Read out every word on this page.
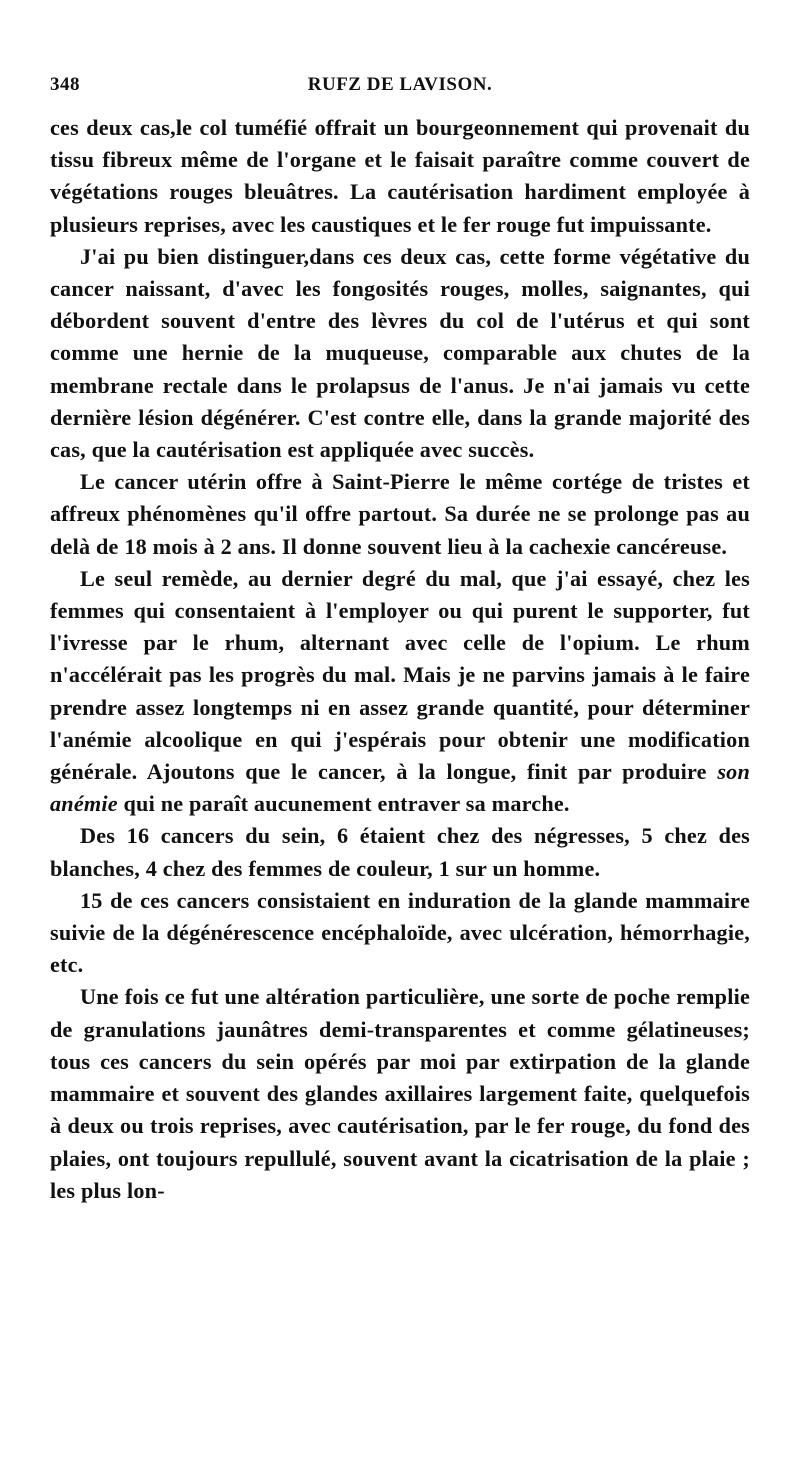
348	RUFZ DE LAVISON.

ces deux cas,le col tuméfié offrait un bourgeonnement qui provenait du tissu fibreux même de l'organe et le faisait paraître comme couvert de végétations rouges bleuâtres. La cautérisation hardiment employée à plusieurs reprises, avec les caustiques et le fer rouge fut impuissante.

J'ai pu bien distinguer,dans ces deux cas, cette forme végétative du cancer naissant, d'avec les fongosités rouges, molles, saignantes, qui débordent souvent d'entre des lèvres du col de l'utérus et qui sont comme une hernie de la muqueuse, comparable aux chutes de la membrane rectale dans le prolapsus de l'anus. Je n'ai jamais vu cette dernière lésion dégénérer. C'est contre elle, dans la grande majorité des cas, que la cautérisation est appliquée avec succès.

Le cancer utérin offre à Saint-Pierre le même cortége de tristes et affreux phénomènes qu'il offre partout. Sa durée ne se prolonge pas au delà de 18 mois à 2 ans. Il donne souvent lieu à la cachexie cancéreuse.

Le seul remède, au dernier degré du mal, que j'ai essayé, chez les femmes qui consentaient à l'employer ou qui purent le supporter, fut l'ivresse par le rhum, alternant avec celle de l'opium. Le rhum n'accélérait pas les progrès du mal. Mais je ne parvins jamais à le faire prendre assez longtemps ni en assez grande quantité, pour déterminer l'anémie alcoolique en qui j'espérais pour obtenir une modification générale. Ajoutons que le cancer, à la longue, finit par produire son anémie qui ne paraît aucunement entraver sa marche.

Des 16 cancers du sein, 6 étaient chez des négresses, 5 chez des blanches, 4 chez des femmes de couleur, 1 sur un homme.

15 de ces cancers consistaient en induration de la glande mammaire suivie de la dégénérescence encéphaloïde, avec ulcération, hémorrhagie, etc.

Une fois ce fut une altération particulière, une sorte de poche remplie de granulations jaunâtres demi-transparentes et comme gélatineuses; tous ces cancers du sein opérés par moi par extirpation de la glande mammaire et souvent des glandes axillaires largement faite, quelquefois à deux ou trois reprises, avec cautérisation, par le fer rouge, du fond des plaies, ont toujours repullulé, souvent avant la cicatrisation de la plaie ; les plus lon-
